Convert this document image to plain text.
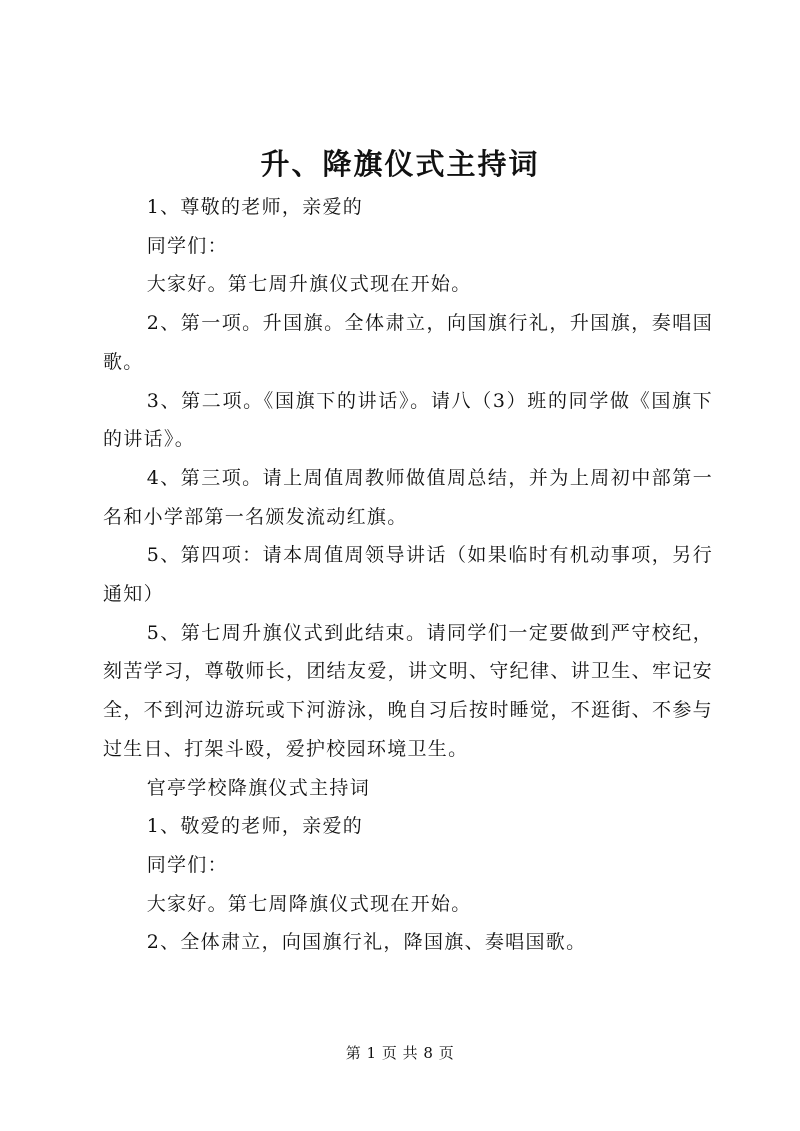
升、降旗仪式主持词

1、尊敬的老师，亲爱的

同学们：

大家好。第七周升旗仪式现在开始。

2、第一项。升国旗。全体肃立，向国旗行礼，升国旗，奏唱国歌。

3、第二项。《国旗下的讲话》。请八（3）班的同学做《国旗下的讲话》。

4、第三项。请上周值周教师做值周总结，并为上周初中部第一名和小学部第一名颁发流动红旗。

5、第四项：请本周值周领导讲话（如果临时有机动事项，另行通知）

5、第七周升旗仪式到此结束。请同学们一定要做到严守校纪，刻苦学习，尊敬师长，团结友爱，讲文明、守纪律、讲卫生、牢记安全，不到河边游玩或下河游泳，晚自习后按时睡觉，不逛街、不参与过生日、打架斗殴，爱护校园环境卫生。

官亭学校降旗仪式主持词

1、敬爱的老师，亲爱的

同学们：

大家好。第七周降旗仪式现在开始。

2、全体肃立，向国旗行礼，降国旗、奏唱国歌。

第 1 页 共 8 页
